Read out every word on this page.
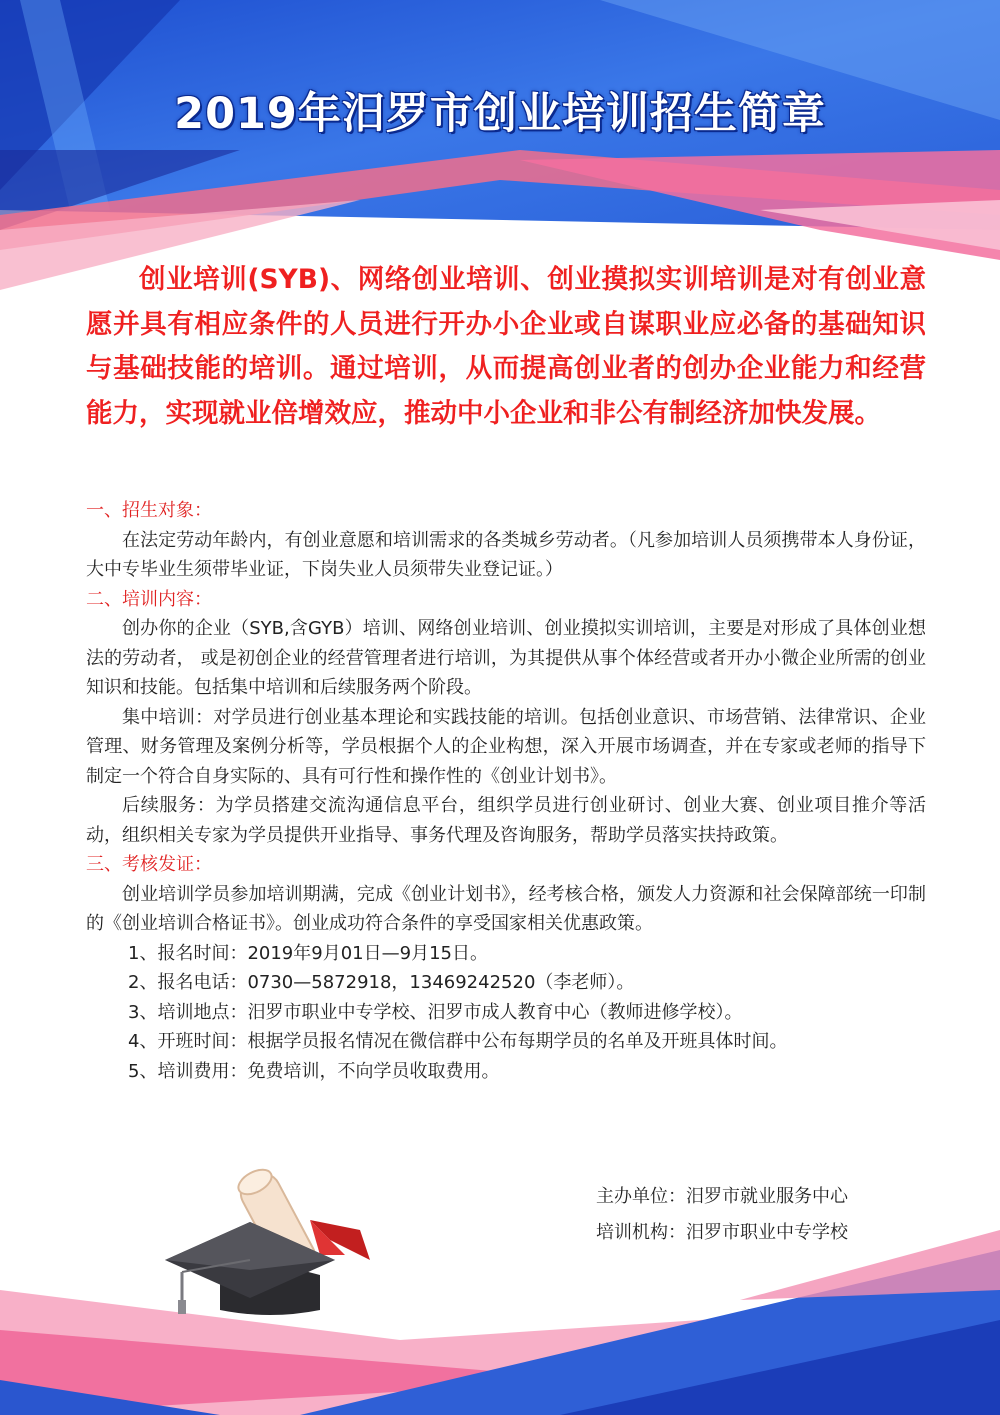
2019年汨罗市创业培训招生简章
创业培训(SYB)、网络创业培训、创业摸拟实训培训是对有创业意愿并具有相应条件的人员进行开办小企业或自谋职业应必备的基础知识与基础技能的培训。通过培训，从而提高创业者的创办企业能力和经营能力，实现就业倍增效应，推动中小企业和非公有制经济加快发展。
一、招生对象：

在法定劳动年龄内，有创业意愿和培训需求的各类城乡劳动者。（凡参加培训人员须携带本人身份证，大中专毕业生须带毕业证，下岗失业人员须带失业登记证。）

二、培训内容：

创办你的企业（SYB,含GYB）培训、网络创业培训、创业摸拟实训培训，主要是对形成了具体创业想法的劳动者， 或是初创企业的经营管理者进行培训，为其提供从事个体经营或者开办小微企业所需的创业知识和技能。包括集中培训和后续服务两个阶段。

集中培训：对学员进行创业基本理论和实践技能的培训。包括创业意识、市场营销、法律常识、企业管理、财务管理及案例分析等，学员根据个人的企业构想，深入开展市场调查，并在专家或老师的指导下制定一个符合自身实际的、具有可行性和操作性的《创业计划书》。

后续服务：为学员搭建交流沟通信息平台，组织学员进行创业研讨、创业大赛、创业项目推介等活动，组织相关专家为学员提供开业指导、事务代理及咨询服务，帮助学员落实扶持政策。

三、考核发证：

创业培训学员参加培训期满，完成《创业计划书》，经考核合格，颁发人力资源和社会保障部统一印制的《创业培训合格证书》。创业成功符合条件的享受国家相关优惠政策。

1、报名时间：2019年9月01日—9月15日。
2、报名电话：0730—5872918，13469242520（李老师）。
3、培训地点：汨罗市职业中专学校、汨罗市成人教育中心（教师进修学校）。
4、开班时间：根据学员报名情况在微信群中公布每期学员的名单及开班具体时间。
5、培训费用：免费培训，不向学员收取费用。
主办单位：汨罗市就业服务中心
培训机构：汨罗市职业中专学校
